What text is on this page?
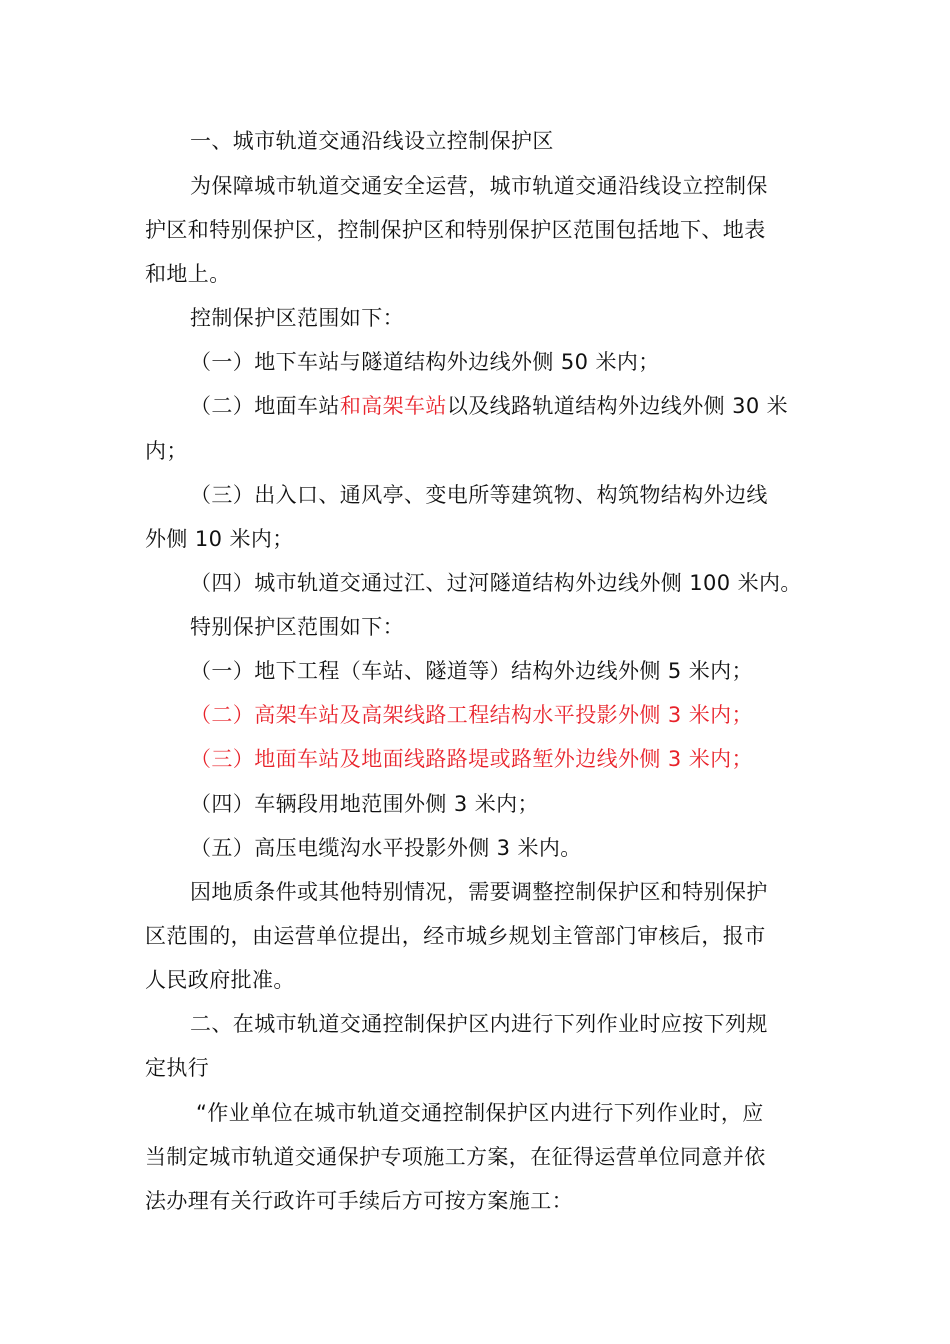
一、城市轨道交通沿线设立控制保护区
为保障城市轨道交通安全运营，城市轨道交通沿线设立控制保
护区和特别保护区，控制保护区和特别保护区范围包括地下、地表
和地上。
控制保护区范围如下：
（一）地下车站与隧道结构外边线外侧 50 米内；
（二）地面车站和高架车站以及线路轨道结构外边线外侧 30 米
内；
（三）出入口、通风亭、变电所等建筑物、构筑物结构外边线
外侧 10 米内；
（四）城市轨道交通过江、过河隧道结构外边线外侧 100 米内。
特别保护区范围如下：
（一）地下工程（车站、隧道等）结构外边线外侧 5 米内；
（二）高架车站及高架线路工程结构水平投影外侧 3 米内；
（三）地面车站及地面线路路堤或路堑外边线外侧 3 米内；
（四）车辆段用地范围外侧 3 米内；
（五）高压电缆沟水平投影外侧 3 米内。
因地质条件或其他特别情况，需要调整控制保护区和特别保护
区范围的，由运营单位提出，经市城乡规划主管部门审核后，报市
人民政府批准。
二、在城市轨道交通控制保护区内进行下列作业时应按下列规
定执行
“作业单位在城市轨道交通控制保护区内进行下列作业时，应
当制定城市轨道交通保护专项施工方案，在征得运营单位同意并依
法办理有关行政许可手续后方可按方案施工：
